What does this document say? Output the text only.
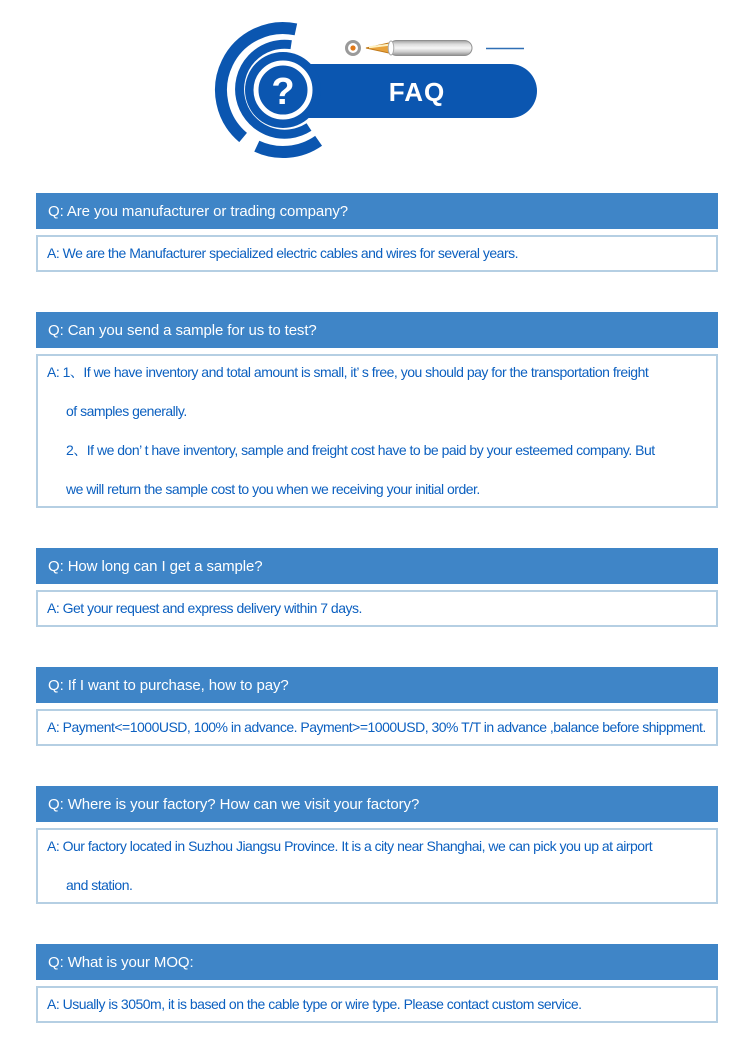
FAQ
?
Q: Are you manufacturer or trading company?
A: We are the Manufacturer specialized electric cables and wires for several years.
Q: Can you send a sample for us to test?
A: 1、If we have inventory and total amount is small, it’ s free, you should pay for the transportation freight
of samples generally.
2、If we don’ t have inventory, sample and freight cost have to be paid by your esteemed company. But
we will return the sample cost to you when we receiving your initial order.
Q: How long can I get a sample?
A: Get your request and express delivery within 7 days.
Q: If I want to purchase, how to pay?
A: Payment<=1000USD, 100% in advance. Payment>=1000USD, 30% T/T in advance ,balance before shippment.
Q: Where is your factory? How can we visit your factory?
A: Our factory located in Suzhou Jiangsu Province. It is a city near Shanghai, we can pick you up at airport
and station.
Q: What is your MOQ:
A: Usually is 3050m, it is based on the cable type or wire type. Please contact custom service.
